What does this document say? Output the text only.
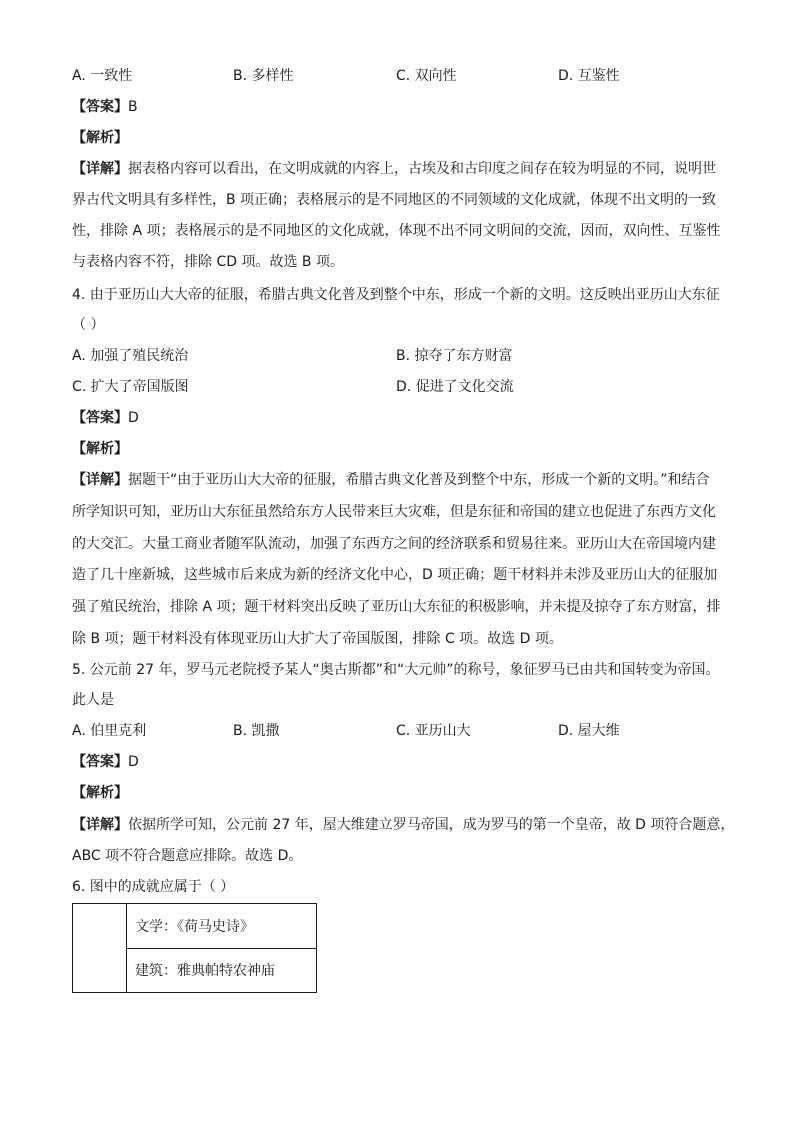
A. 一致性	B. 多样性	C. 双向性	D. 互鉴性
【答案】B
【解析】
【详解】据表格内容可以看出，在文明成就的内容上，古埃及和古印度之间存在较为明显的不同，说明世
界古代文明具有多样性，B 项正确；表格展示的是不同地区的不同领域的文化成就，体现不出文明的一致
性，排除 A 项；表格展示的是不同地区的文化成就，体现不出不同文明间的交流，因而，双向性、互鉴性
与表格内容不符，排除 CD 项。故选 B 项。
4. 由于亚历山大大帝的征服，希腊古典文化普及到整个中东，形成一个新的文明。这反映出亚历山大东征
（ ）
A. 加强了殖民统治	B. 掠夺了东方财富
C. 扩大了帝国版图	D. 促进了文化交流
【答案】D
【解析】
【详解】据题干“由于亚历山大大帝的征服，希腊古典文化普及到整个中东，形成一个新的文明。”和结合
所学知识可知，亚历山大东征虽然给东方人民带来巨大灾难，但是东征和帝国的建立也促进了东西方文化
的大交汇。大量工商业者随军队流动，加强了东西方之间的经济联系和贸易往来。亚历山大在帝国境内建
造了几十座新城，这些城市后来成为新的经济文化中心，D 项正确；题干材料并未涉及亚历山大的征服加
强了殖民统治，排除 A 项；题干材料突出反映了亚历山大东征的积极影响，并未提及掠夺了东方财富，排
除 B 项；题干材料没有体现亚历山大扩大了帝国版图，排除 C 项。故选 D 项。
5. 公元前 27 年，罗马元老院授予某人“奥古斯都”和“大元帅”的称号，象征罗马已由共和国转变为帝国。
此人是
A. 伯里克利	B. 凯撒	C. 亚历山大	D. 屋大维
【答案】D
【解析】
【详解】依据所学可知，公元前 27 年，屋大维建立罗马帝国，成为罗马的第一个皇帝，故 D 项符合题意，
ABC 项不符合题意应排除。故选 D。
6. 图中的成就应属于（ ）
	文学：《荷马史诗》
建筑：雅典帕特农神庙
